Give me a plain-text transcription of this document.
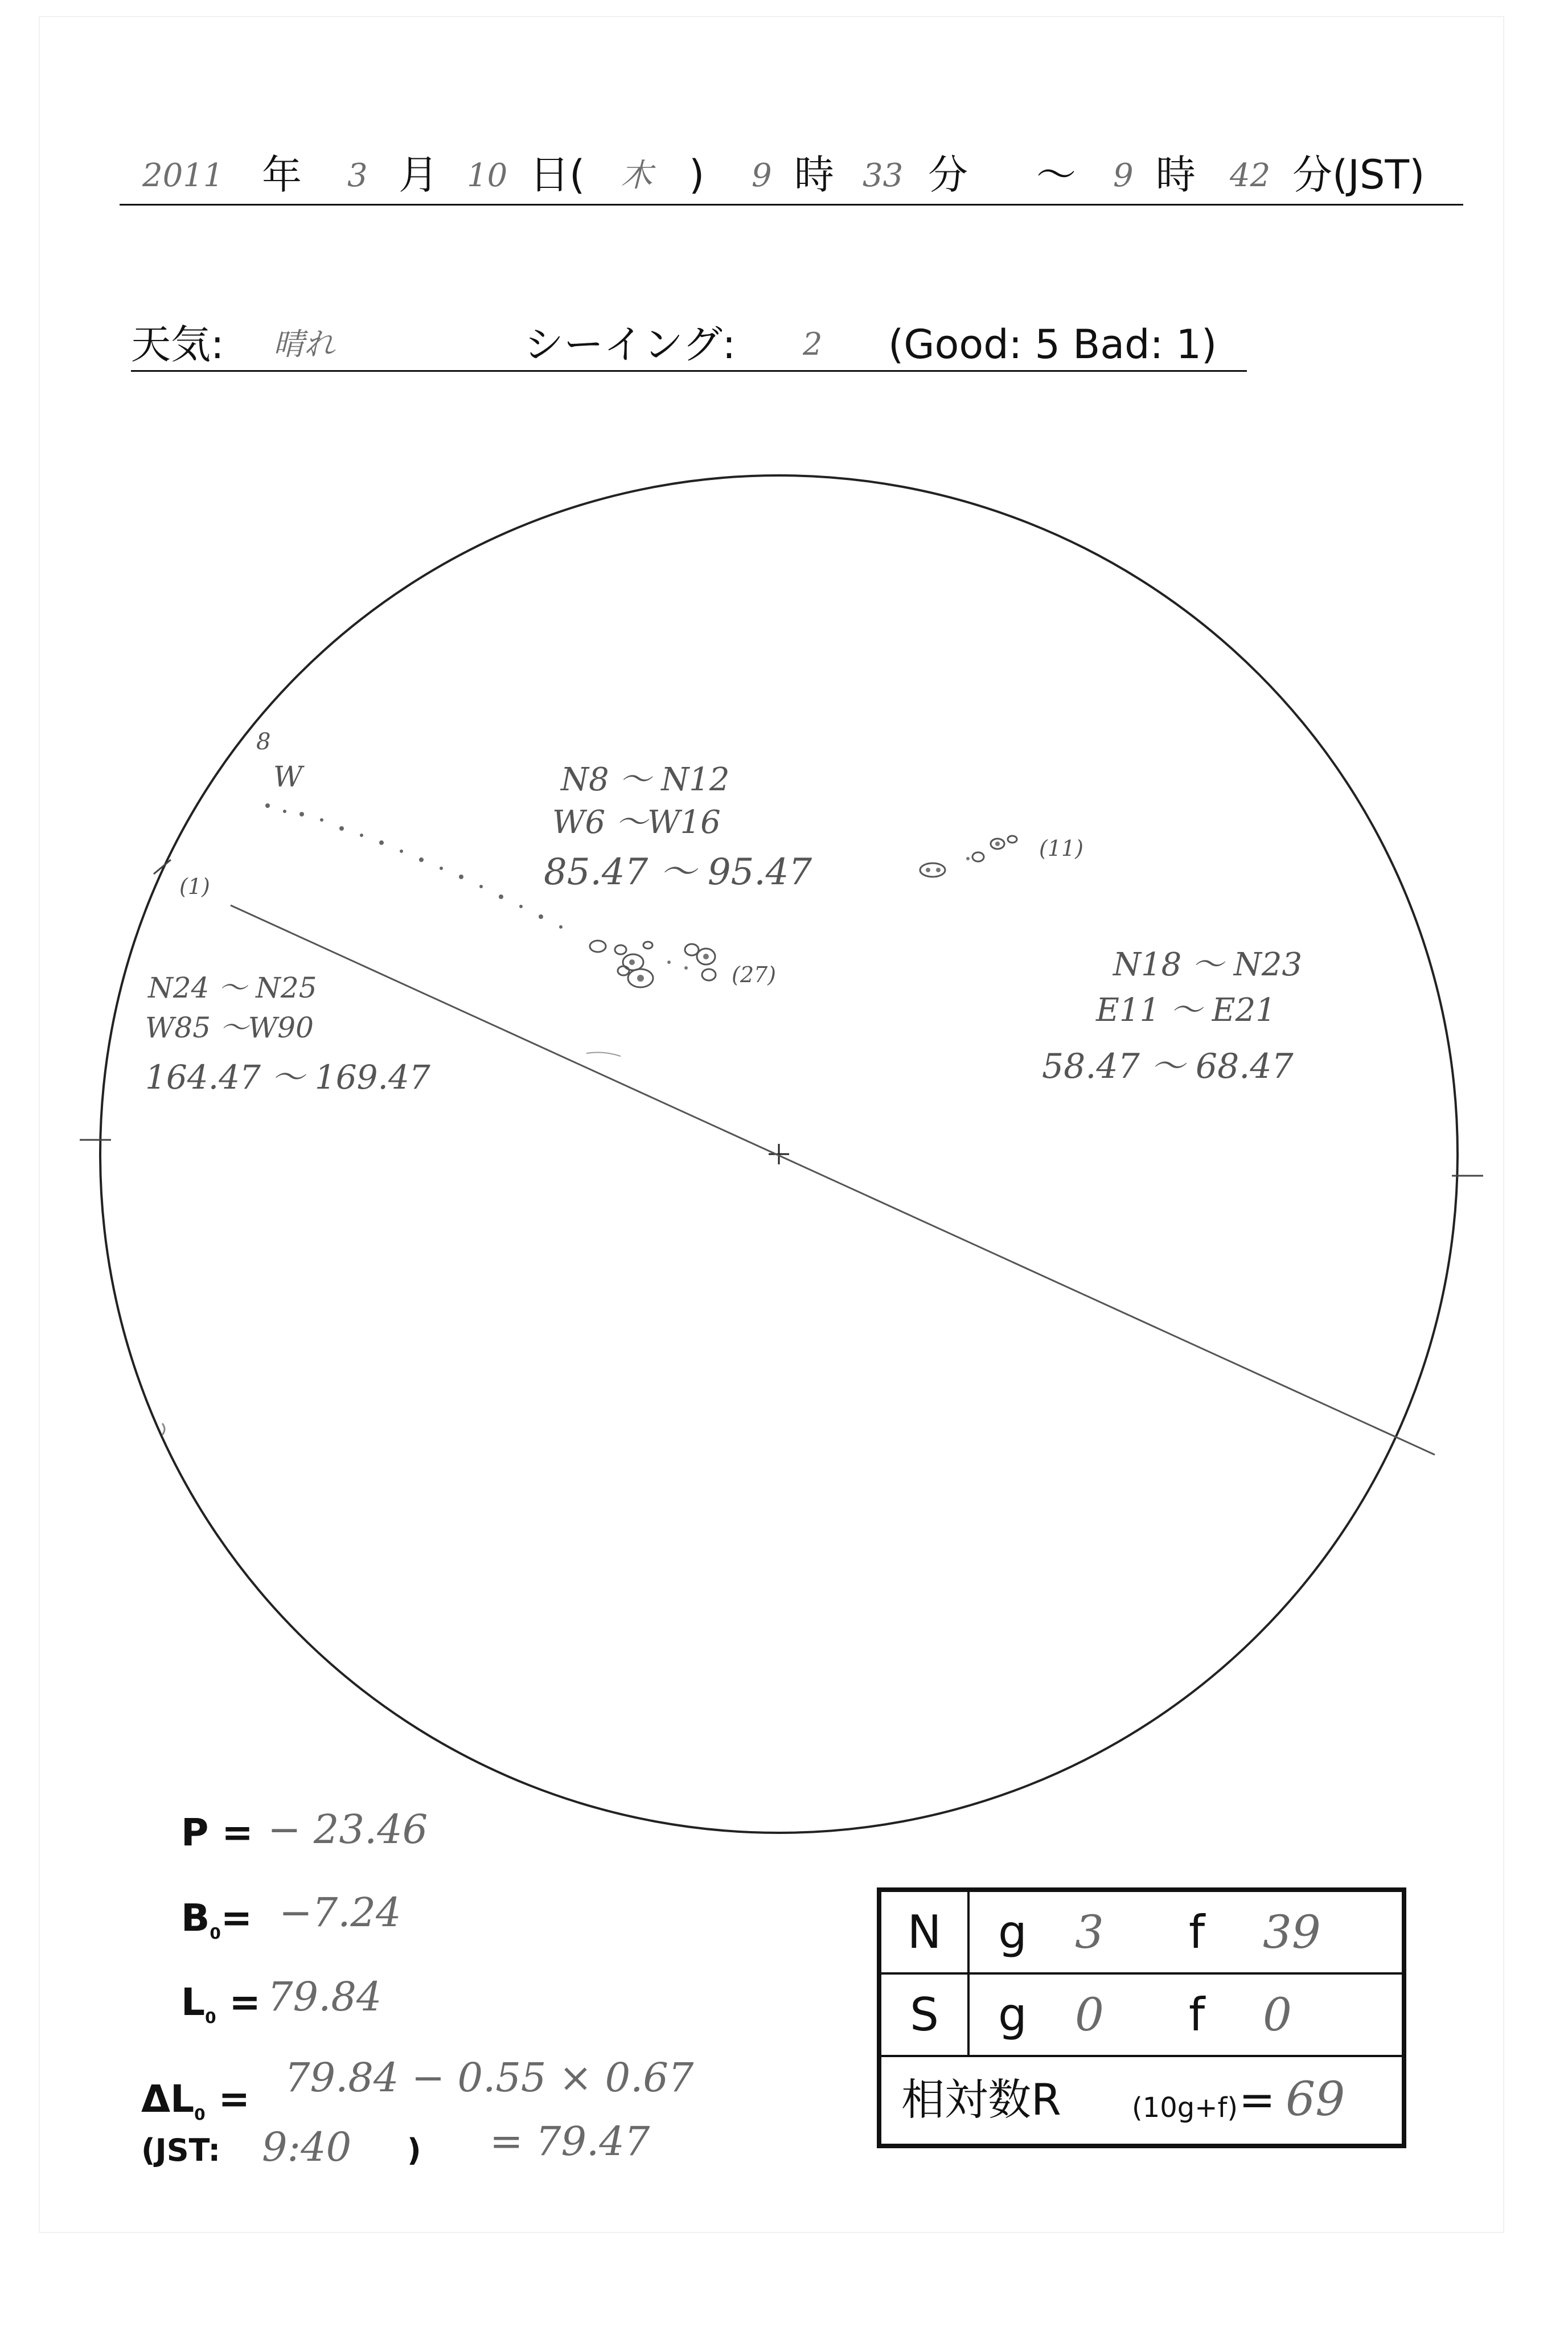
2011 年 3 月 10 日( 木 ) 9 時 33 分 〜 9 時 42 分(JST)
天気: 晴れ	シーイング: 2 (Good: 5 Bad: 1)
8
W
(1)
N8 〜 N12
W6 〜W16
85.47 〜 95.47
(27)
(11)
N24 〜 N25
W85 〜W90
164.47 〜 169.47
N18 〜 N23
E11 〜 E21
58.47 〜 68.47
P = − 23.46
$B_0= -7.24$
$L_0 = 79.84$
$\Delta L_0 = 79.84 - 0.55 \times 0.67$
(JST: 9:40 ) = 79.47
N	g 3 f 39
S	g 0 f 0
相対数R	(10g+f) = 69
